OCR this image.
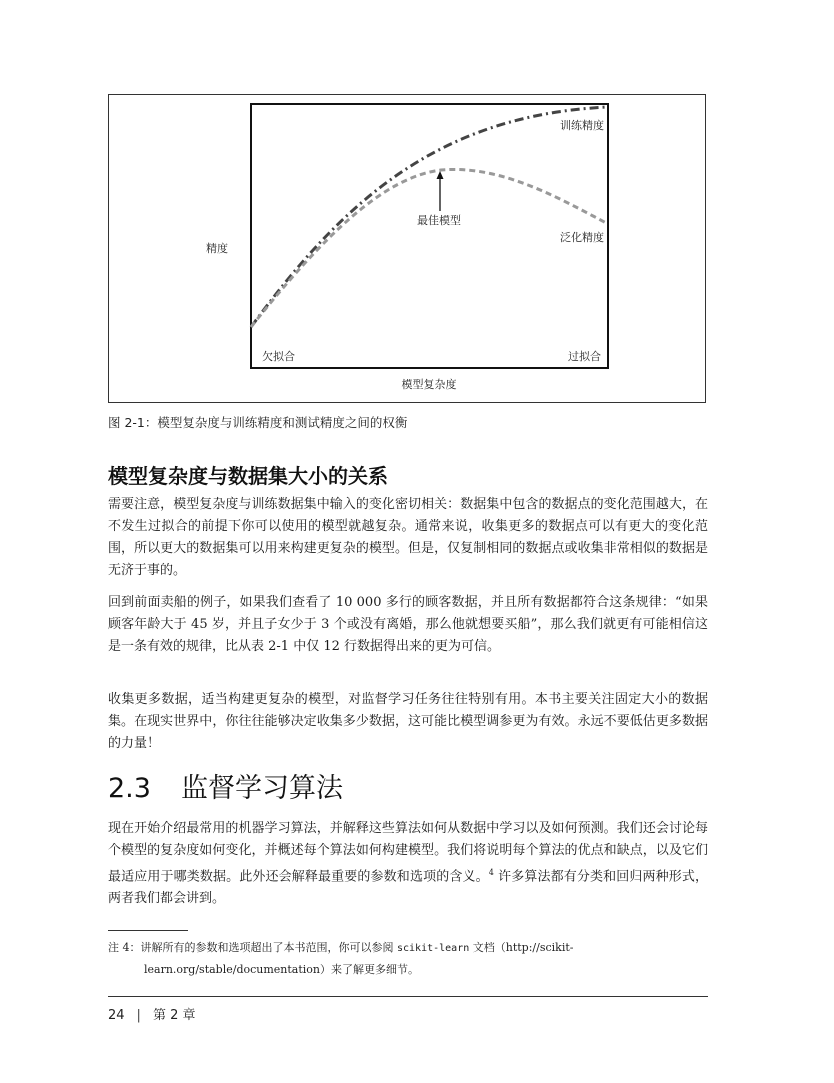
训练精度
泛化精度
最佳模型
精度
欠拟合	过拟合
模型复杂度
图 2-1：模型复杂度与训练精度和测试精度之间的权衡
模型复杂度与数据集大小的关系

需要注意，模型复杂度与训练数据集中输入的变化密切相关：数据集中包含的数据点的变化范围越大，在不发生过拟合的前提下你可以使用的模型就越复杂。通常来说，收集更多的数据点可以有更大的变化范围，所以更大的数据集可以用来构建更复杂的模型。但是，仅复制相同的数据点或收集非常相似的数据是无济于事的。

回到前面卖船的例子，如果我们查看了 10 000 多行的顾客数据，并且所有数据都符合这条规律：“如果顾客年龄大于 45 岁，并且子女少于 3 个或没有离婚，那么他就想要买船”，那么我们就更有可能相信这是一条有效的规律，比从表 2-1 中仅 12 行数据得出来的更为可信。

收集更多数据，适当构建更复杂的模型，对监督学习任务往往特别有用。本书主要关注固定大小的数据集。在现实世界中，你往往能够决定收集多少数据，这可能比模型调参更为有效。永远不要低估更多数据的力量！

2.3 监督学习算法

现在开始介绍最常用的机器学习算法，并解释这些算法如何从数据中学习以及如何预测。我们还会讨论每个模型的复杂度如何变化，并概述每个算法如何构建模型。我们将说明每个算法的优点和缺点，以及它们最适应用于哪类数据。此外还会解释最重要的参数和选项的含义。$^4$ 许多算法都有分类和回归两种形式，两者我们都会讲到。

注 4：讲解所有的参数和选项超出了本书范围，你可以参阅 scikit-learn 文档（http://scikit-learn.org/stable/documentation）来了解更多细节。

24 | 第 2 章
